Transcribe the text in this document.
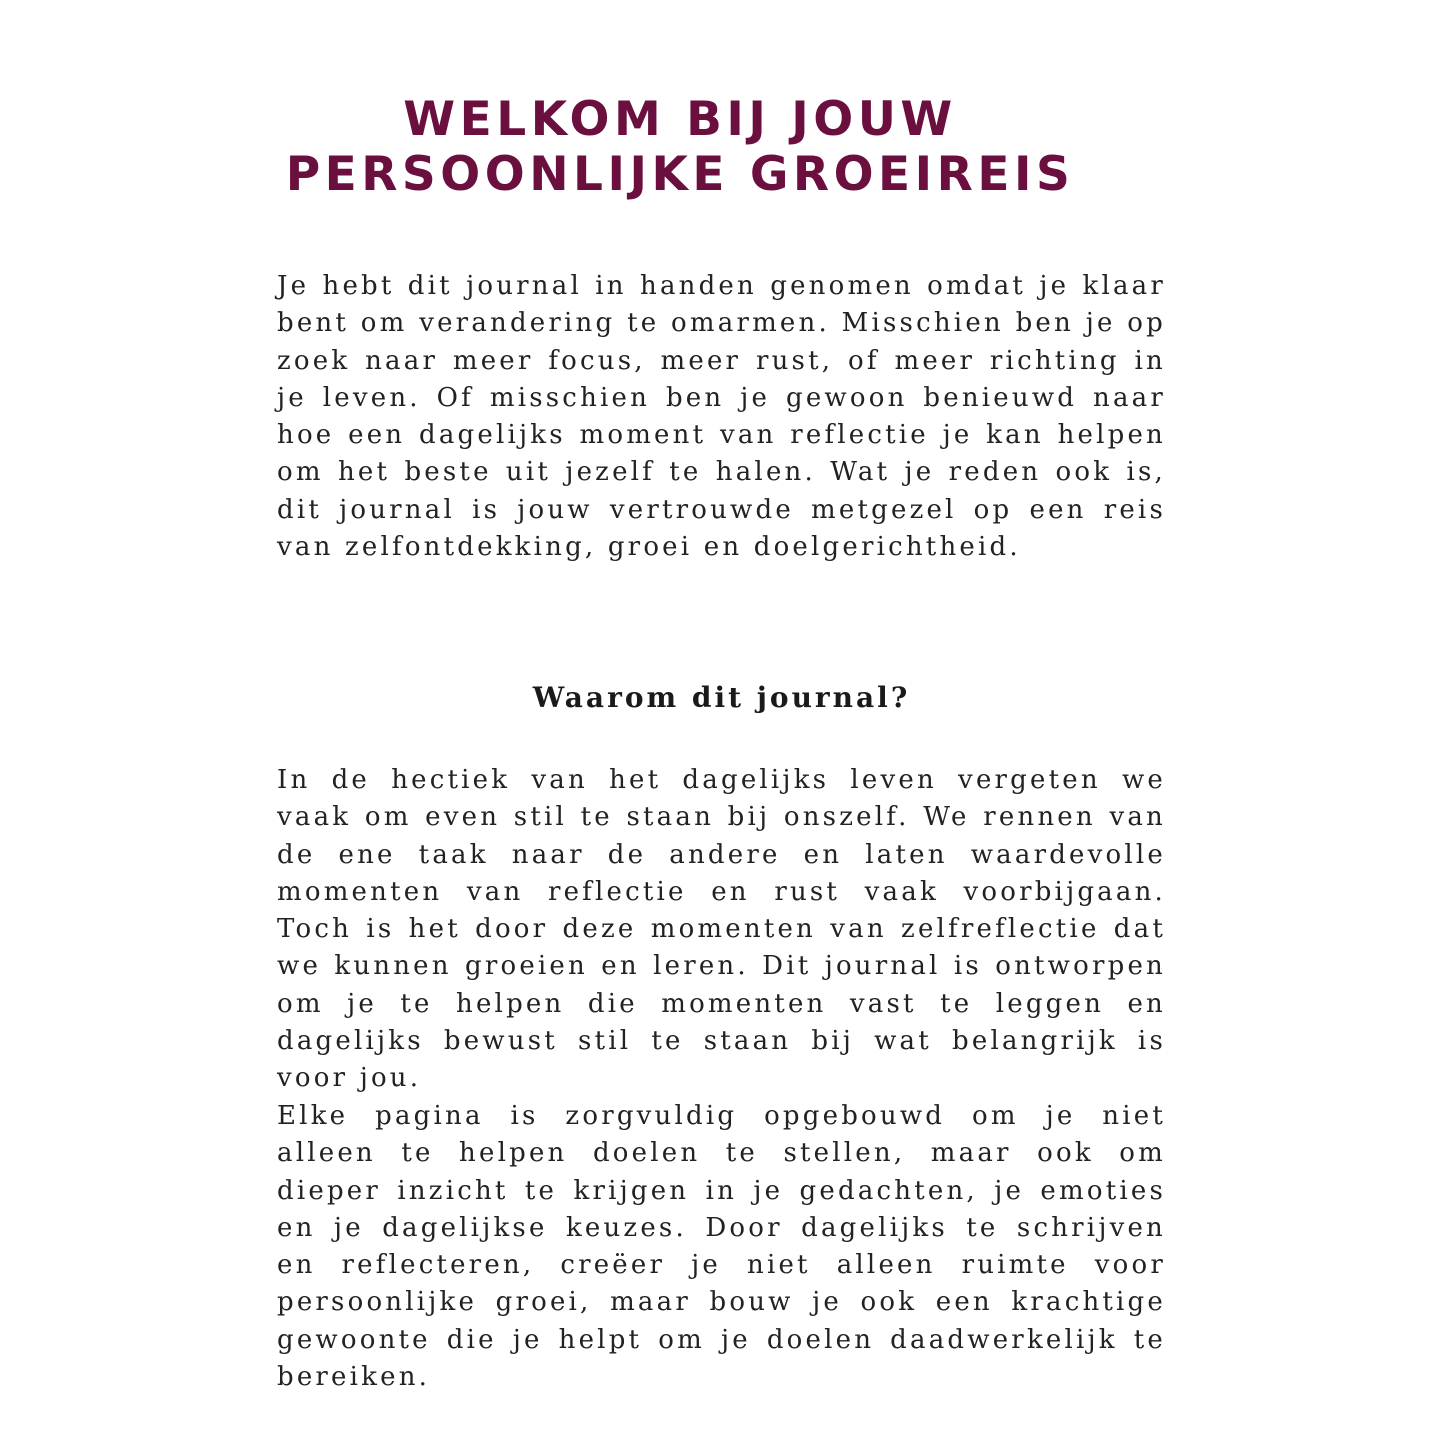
WELKOM BIJ JOUW
PERSOONLIJKE GROEIREIS

Je hebt dit journal in handen genomen omdat je klaar bent om verandering te omarmen. Misschien ben je op zoek naar meer focus, meer rust, of meer richting in je leven. Of misschien ben je gewoon benieuwd naar hoe een dagelijks moment van reflectie je kan helpen om het beste uit jezelf te halen. Wat je reden ook is, dit journal is jouw vertrouwde metgezel op een reis van zelfontdekking, groei en doelgerichtheid.

Waarom dit journal?

In de hectiek van het dagelijks leven vergeten we vaak om even stil te staan bij onszelf. We rennen van de ene taak naar de andere en laten waardevolle momenten van reflectie en rust vaak voorbijgaan. Toch is het door deze momenten van zelfreflectie dat we kunnen groeien en leren. Dit journal is ontworpen om je te helpen die momenten vast te leggen en dagelijks bewust stil te staan bij wat belangrijk is voor jou.

Elke pagina is zorgvuldig opgebouwd om je niet alleen te helpen doelen te stellen, maar ook om dieper inzicht te krijgen in je gedachten, je emoties en je dagelijkse keuzes. Door dagelijks te schrijven en reflecteren, creëer je niet alleen ruimte voor persoonlijke groei, maar bouw je ook een krachtige gewoonte die je helpt om je doelen daadwerkelijk te bereiken.
